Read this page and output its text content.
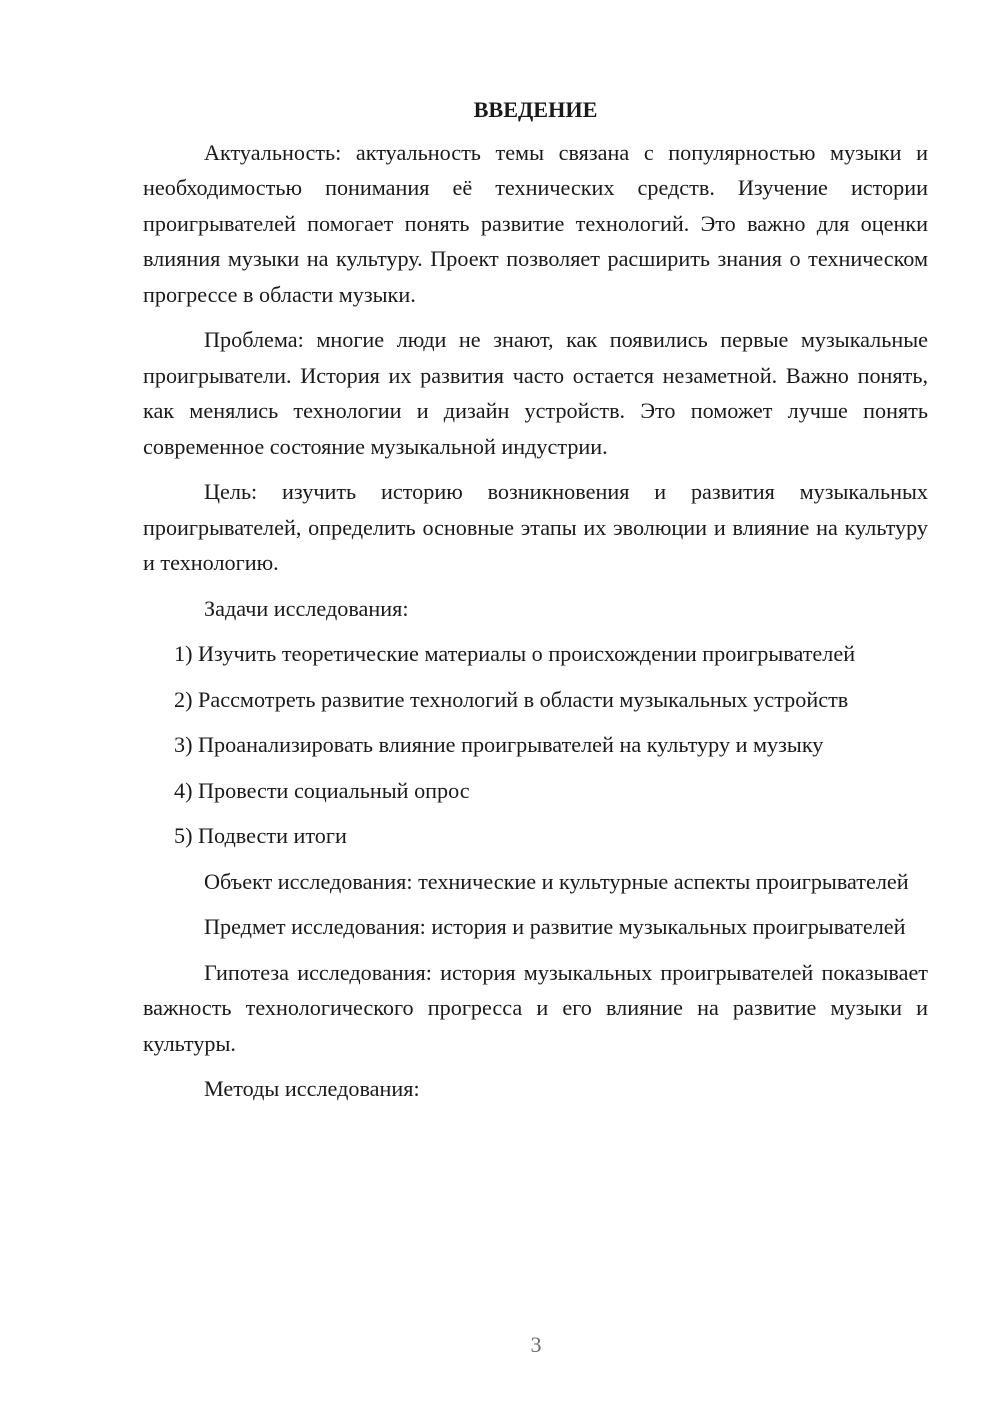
ВВЕДЕНИЕ

Актуальность: актуальность темы связана с популярностью музыки и необходимостью понимания её технических средств. Изучение истории проигрывателей помогает понять развитие технологий. Это важно для оценки влияния музыки на культуру. Проект позволяет расширить знания о техническом прогрессе в области музыки.

Проблема: многие люди не знают, как появились первые музыкальные проигрыватели. История их развития часто остается незаметной. Важно понять, как менялись технологии и дизайн устройств. Это поможет лучше понять современное состояние музыкальной индустрии.

Цель: изучить историю возникновения и развития музыкальных проигрывателей, определить основные этапы их эволюции и влияние на культуру и технологию.

Задачи исследования:

1) Изучить теоретические материалы о происхождении проигрывателей

2) Рассмотреть развитие технологий в области музыкальных устройств

3) Проанализировать влияние проигрывателей на культуру и музыку

4) Провести социальный опрос

5) Подвести итоги

Объект исследования: технические и культурные аспекты проигрывателей

Предмет исследования: история и развитие музыкальных проигрывателей

Гипотеза исследования: история музыкальных проигрывателей показывает важность технологического прогресса и его влияние на развитие музыки и культуры.

Методы исследования:

3
